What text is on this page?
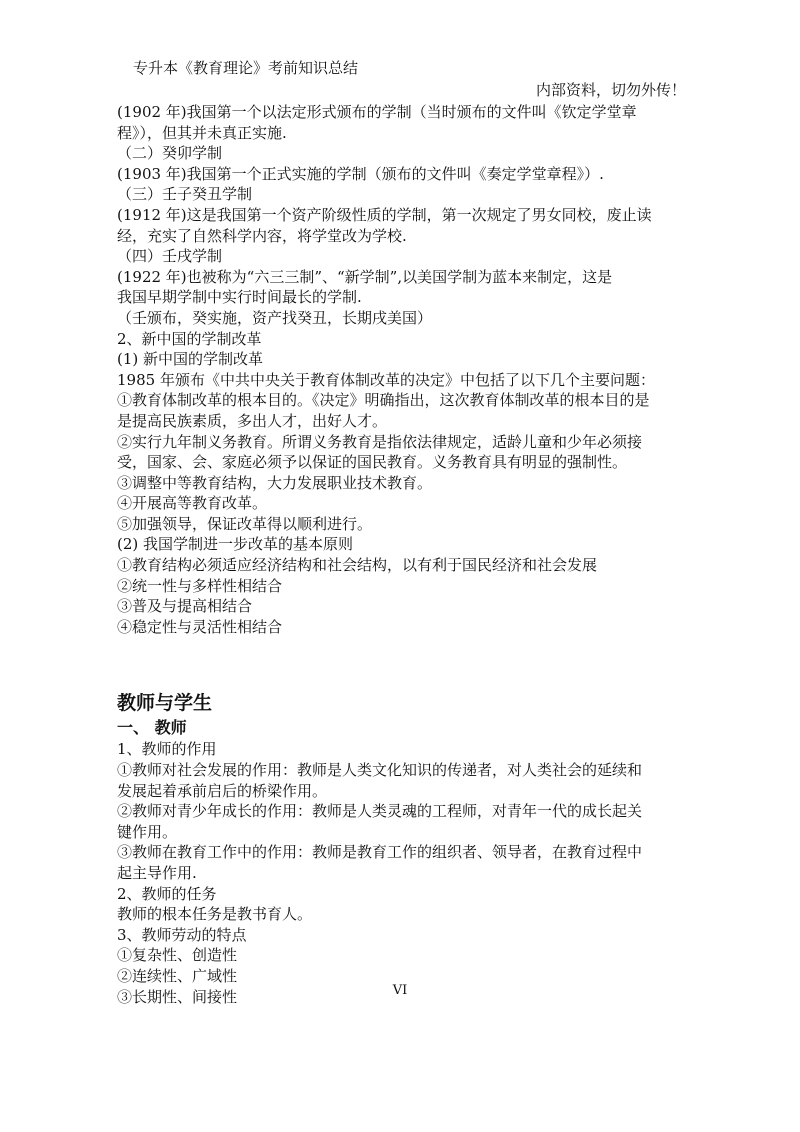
专升本《教育理论》考前知识总结
内部资料，切勿外传！
(1902 年)我国第一个以法定形式颁布的学制（当时颁布的文件叫《钦定学堂章
程》），但其并未真正实施.
（二）癸卯学制
(1903 年)我国第一个正式实施的学制（颁布的文件叫《奏定学堂章程》）.
（三）壬子癸丑学制
(1912 年)这是我国第一个资产阶级性质的学制，第一次规定了男女同校，废止读
经，充实了自然科学内容，将学堂改为学校.
（四）壬戌学制
(1922 年)也被称为“六三三制”、“新学制”,以美国学制为蓝本来制定，这是
我国早期学制中实行时间最长的学制.
（壬颁布，癸实施，资产找癸丑，长期戌美国）
2、新中国的学制改革
(1) 新中国的学制改革
1985 年颁布《中共中央关于教育体制改革的决定》中包括了以下几个主要问题：
①教育体制改革的根本目的。《决定》明确指出，这次教育体制改革的根本目的是
是提高民族素质，多出人才，出好人才。
②实行九年制义务教育。所谓义务教育是指依法律规定，适龄儿童和少年必须接
受，国家、会、家庭必须予以保证的国民教育。义务教育具有明显的强制性。
③调整中等教育结构，大力发展职业技术教育。
④开展高等教育改革。
⑤加强领导，保证改革得以顺利进行。
(2) 我国学制进一步改革的基本原则
①教育结构必须适应经济结构和社会结构，以有利于国民经济和社会发展
②统一性与多样性相结合
③普及与提高相结合
④稳定性与灵活性相结合
教师与学生
一、 教师
1、教师的作用
①教师对社会发展的作用：教师是人类文化知识的传递者，对人类社会的延续和
发展起着承前启后的桥梁作用。
②教师对青少年成长的作用：教师是人类灵魂的工程师，对青年一代的成长起关
键作用。
③教师在教育工作中的作用：教师是教育工作的组织者、领导者，在教育过程中
起主导作用.
2、教师的任务
教师的根本任务是教书育人。
3、教师劳动的特点
①复杂性、创造性
②连续性、广域性
③长期性、间接性	VI
